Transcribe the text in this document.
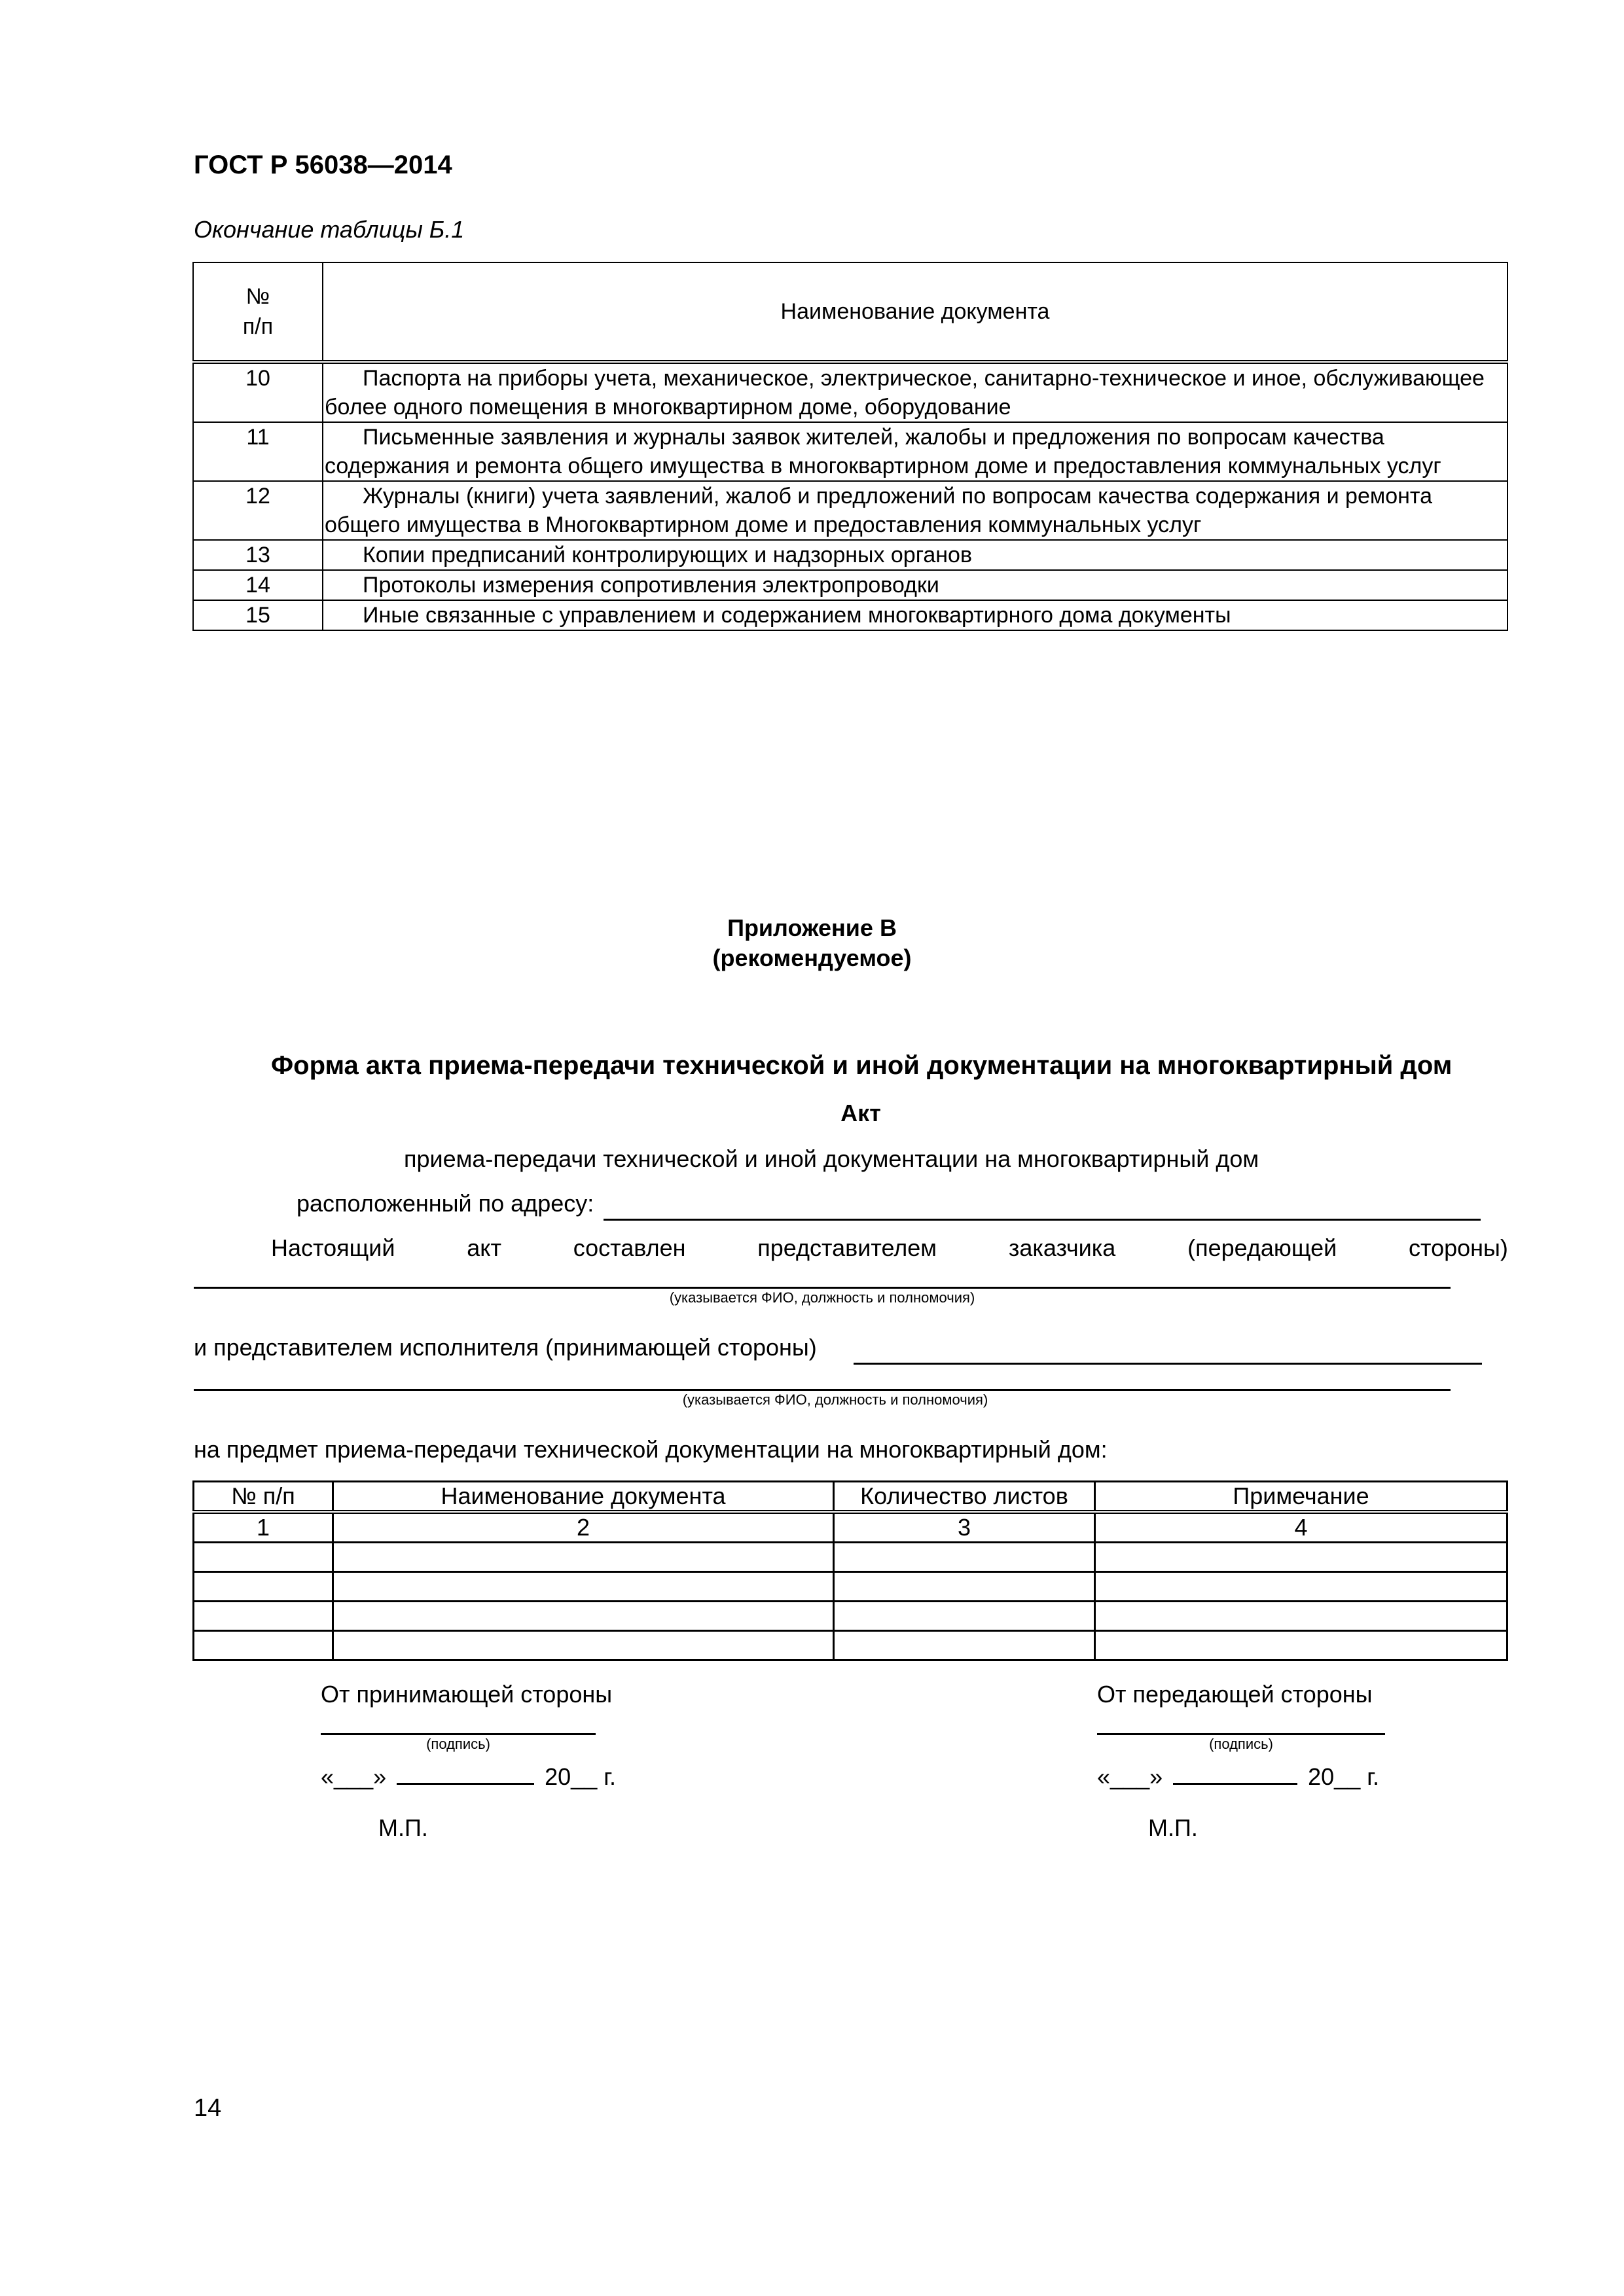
ГОСТ Р 56038—2014
Окончание таблицы Б.1
№
п/п	Наименование документа
10	Паспорта на приборы учета, механическое, электрическое, санитарно-техническое и иное, обслуживающее более одного помещения в многоквартирном доме, оборудование
11	Письменные заявления и журналы заявок жителей, жалобы и предложения по вопросам качества содержания и ремонта общего имущества в многоквартирном доме и предоставления коммунальных услуг
12	Журналы (книги) учета заявлений, жалоб и предложений по вопросам качества содержания и ремонта общего имущества в Многоквартирном доме и предоставления коммунальных услуг
13	Копии предписаний контролирующих и надзорных органов
14	Протоколы измерения сопротивления электропроводки
15	Иные связанные с управлением и содержанием многоквартирного дома документы
Приложение В
(рекомендуемое)
Форма акта приема-передачи технической и иной документации на многоквартирный дом
Акт
приема-передачи технической и иной документации на многоквартирный дом
расположенный по адресу:
Настоящий	акт	составлен	представителем	заказчика	(передающей	стороны)
(указывается ФИО, должность и полномочия)
и представителем исполнителя (принимающей стороны)
(указывается ФИО, должность и полномочия)
на предмет приема-передачи технической документации на многоквартирный дом:
№ п/п	Наименование документа	Количество листов	Примечание
1	2	3	4

От принимающей стороны
(подпись)
«___»	20__ г.
М.П.
От передающей стороны
(подпись)
«___»	20__ г.
М.П.
14
